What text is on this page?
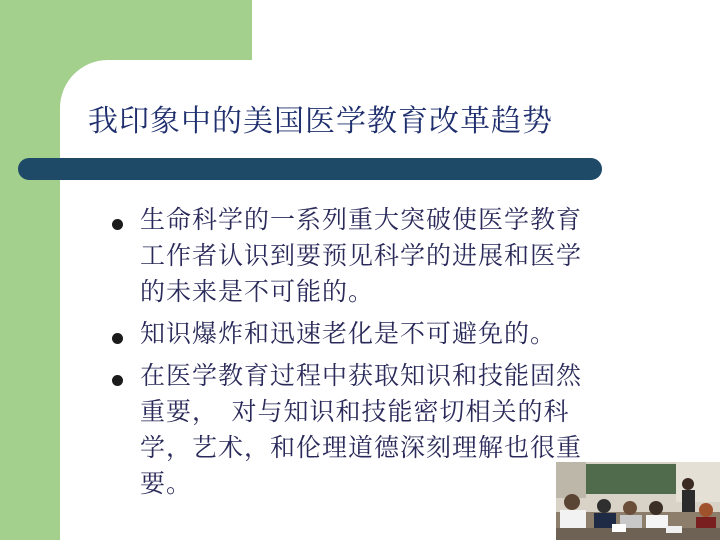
我印象中的美国医学教育改革趋势
生命科学的一系列重大突破使医学教育
工作者认识到要预见科学的进展和医学
的未来是不可能的。
知识爆炸和迅速老化是不可避免的。
在医学教育过程中获取知识和技能固然
重要，　对与知识和技能密切相关的科
学，艺术，和伦理道德深刻理解也很重
要。
